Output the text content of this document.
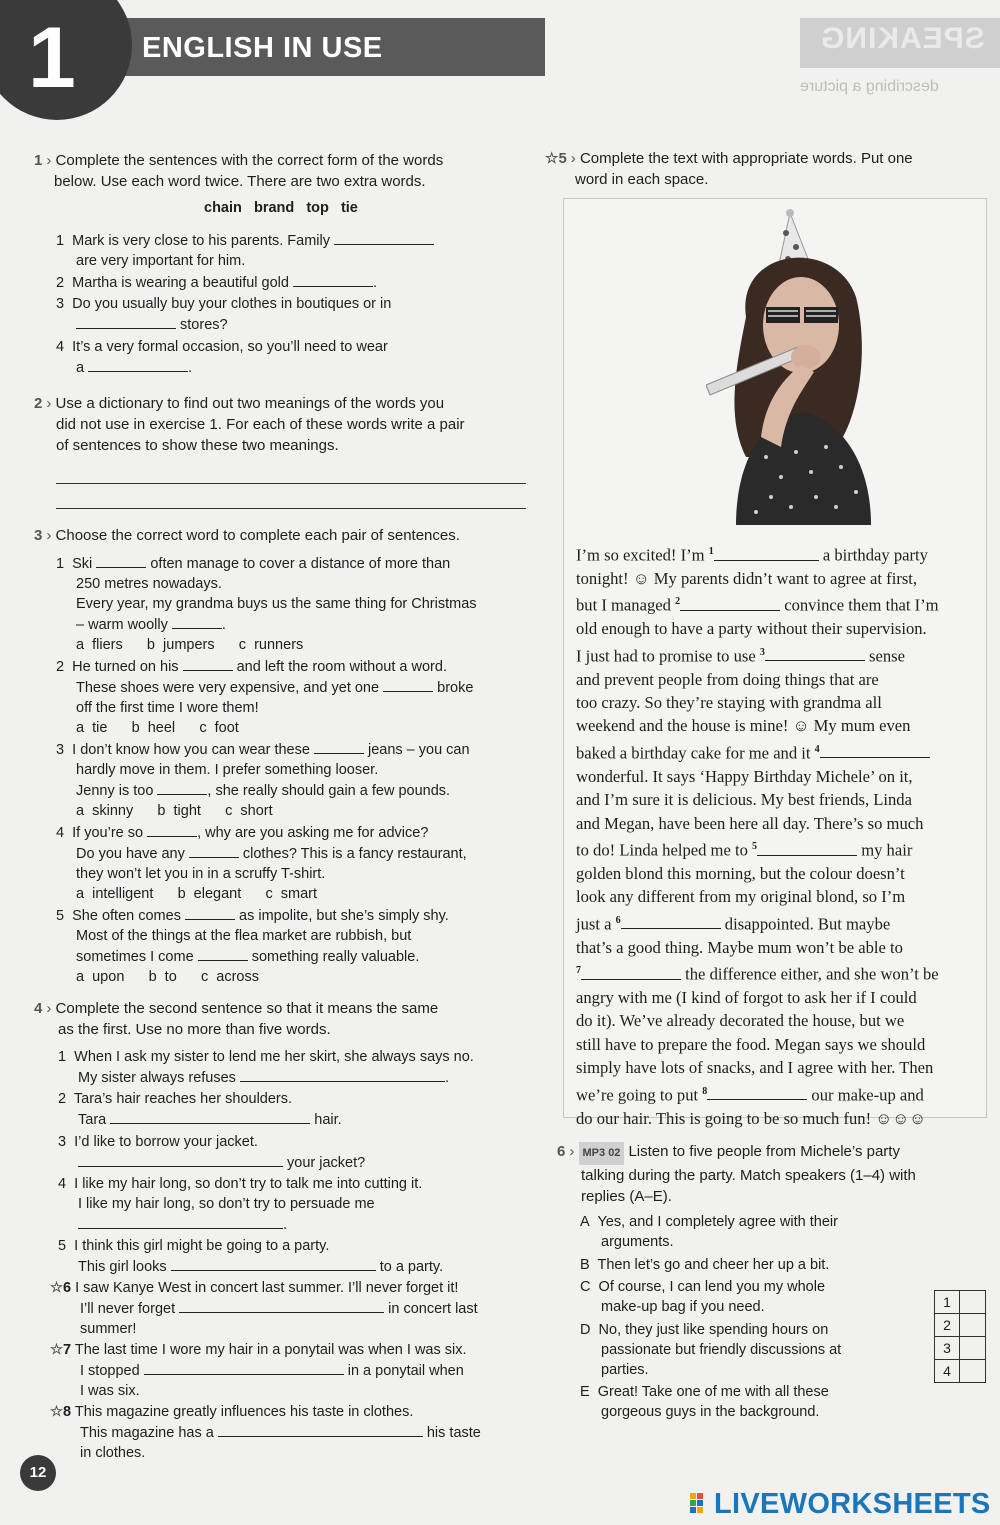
SPEAKING
describing a picture
1 ENGLISH IN USE
1 › Complete the sentences with the correct form of the words
below. Use each word twice. There are two extra words.
chain   brand   top   tie
1 Mark is very close to his parents. Family
are very important for him.
2 Martha is wearing a beautiful gold	.
3 Do you usually buy your clothes in boutiques or in
stores?
4 It’s a very formal occasion, so you’ll need to wear
a	.
2 › Use a dictionary to find out two meanings of the words you
did not use in exercise 1. For each of these words write a pair
of sentences to show these two meanings.
3 › Choose the correct word to complete each pair of sentences.
1 Ski	often manage to cover a distance of more than
250 metres nowadays.
Every year, my grandma buys us the same thing for Christmas
– warm woolly	.
a  fliers b  jumpers c  runners
2 He turned on his	and left the room without a word.
These shoes were very expensive, and yet one	broke
off the first time I wore them!
a  tie b  heel c  foot
3 I don’t know how you can wear these	jeans – you can
hardly move in them. I prefer something looser.
Jenny is too	, she really should gain a few pounds.
a  skinny b  tight c  short
4 If you’re so	, why are you asking me for advice?
Do you have any	clothes? This is a fancy restaurant,
they won’t let you in in a scruffy T-shirt.
a  intelligent b  elegant c  smart
5 She often comes	as impolite, but she’s simply shy.
Most of the things at the flea market are rubbish, but
sometimes I come	something really valuable.
a  upon b  to c  across
4 › Complete the second sentence so that it means the same
as the first. Use no more than five words.
1 When I ask my sister to lend me her skirt, she always says no.
My sister always refuses	.
2 Tara’s hair reaches her shoulders.
Tara	hair.
3 I’d like to borrow your jacket.
your jacket?
4 I like my hair long, so don’t try to talk me into cutting it.
I like my hair long, so don’t try to persuade me
.
5 I think this girl might be going to a party.
This girl looks	to a party.
☆6 I saw Kanye West in concert last summer. I’ll never forget it!
I’ll never forget	in concert last
summer!
☆7 The last time I wore my hair in a ponytail was when I was six.
I stopped	in a ponytail when
I was six.
☆8 This magazine greatly influences his taste in clothes.
This magazine has a	his taste
in clothes.
☆5 › Complete the text with appropriate words. Put one
word in each space.
I’m so excited! I’m $^1$	a birthday party
tonight! ☺ My parents didn’t want to agree at first,
but I managed $^2$	convince them that I’m
old enough to have a party without their supervision.
I just had to promise to use $^3$	sense
and prevent people from doing things that are
too crazy. So they’re staying with grandma all
weekend and the house is mine! ☺ My mum even
baked a birthday cake for me and it $^4$
wonderful. It says ‘Happy Birthday Michele’ on it,
and I’m sure it is delicious. My best friends, Linda
and Megan, have been here all day. There’s so much
to do! Linda helped me to $^5$	my hair
golden blond this morning, but the colour doesn’t
look any different from my original blond, so I’m
just a $^6$	disappointed. But maybe
that’s a good thing. Maybe mum won’t be able to
$^7$	the difference either, and she won’t be
angry with me (I kind of forgot to ask her if I could
do it). We’ve already decorated the house, but we
still have to prepare the food. Megan says we should
simply have lots of snacks, and I agree with her. Then
we’re going to put $^8$	our make-up and
do our hair. This is going to be so much fun! ☺☺☺
6 › MP3 02 Listen to five people from Michele’s party
talking during the party. Match speakers (1–4) with
replies (A–E).
A Yes, and I completely agree with their
arguments.
B Then let’s go and cheer her up a bit.
C Of course, I can lend you my whole
make-up bag if you need.
D No, they just like spending hours on
passionate but friendly discussions at
parties.
E Great! Take one of me with all these
gorgeous guys in the background.
1	
2	
3	
4	
12
LIVEWORKSHEETS
